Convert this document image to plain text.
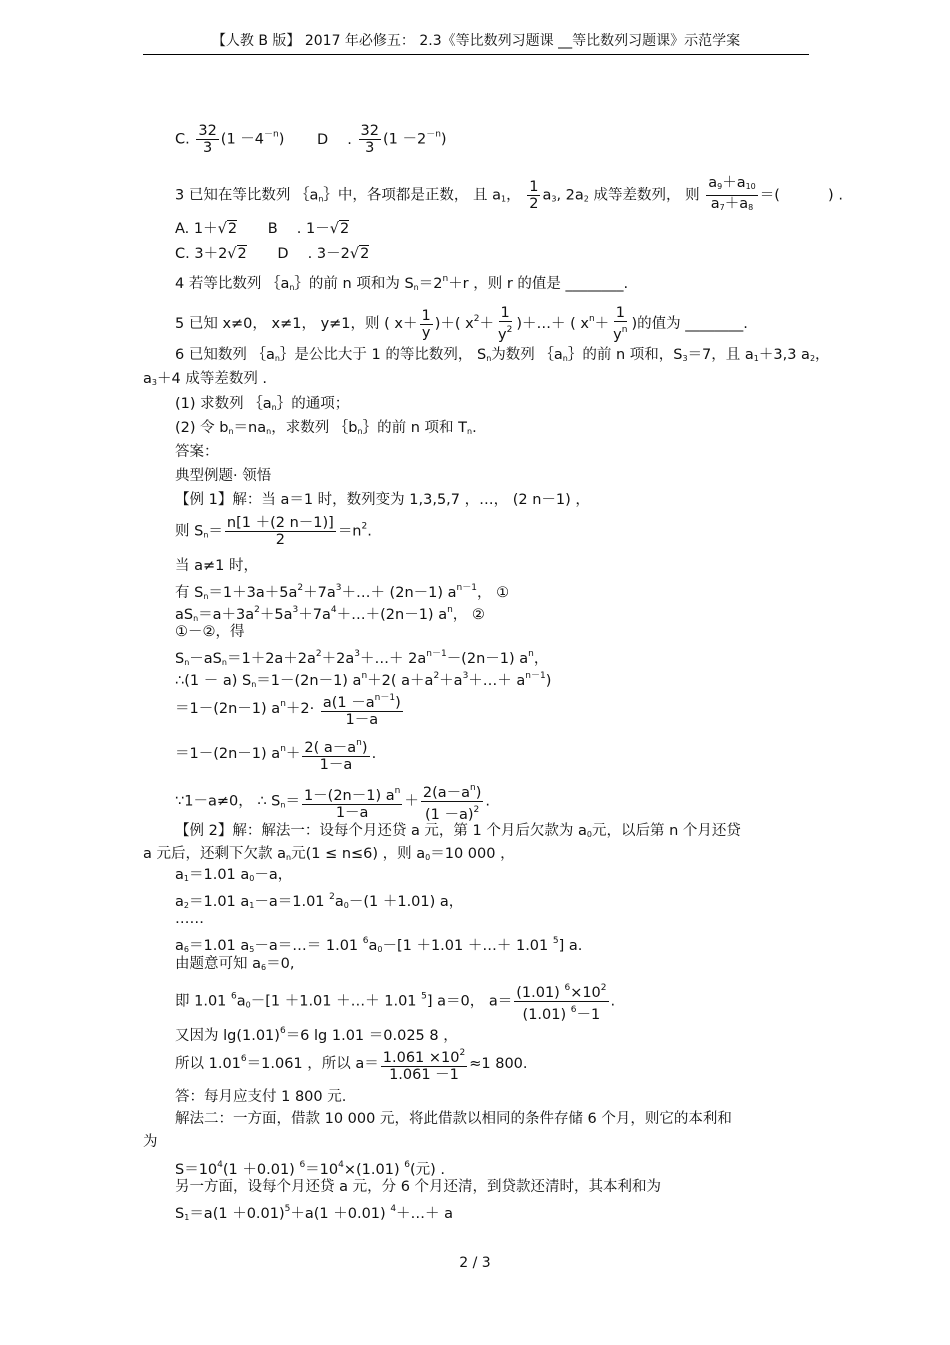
【人教 B 版】 2017 年必修五： 2.3《等比数列习题课 __等比数列习题课》示范学案
C. $\frac{32}{3} (1 -4^{-n})$ D　 . $\frac{32}{3} (1 -2^{-n})$
3 已知在等比数列 $\{a_n\}$中，各项都是正数， 且 $a_1$， $\frac{1}{2} a_3$, $2a_2$ 成等差数列， 则 $\frac{a_9+a_{10}}{a_7+a_8}$ ＝(　　　 ) .
A. 1＋√2 B　 . 1－√2
C. 3＋2√2 D　 . 3－2√2
4 若等比数列 $\{a_n\}$的前 n 项和为 $S_n=2^n+r$ ，则 r 的值是 ________.
5 已知 x≠0， x≠1， y≠1，则 ( $x+ \frac{1}{y}$ )＋( $x^2+ \frac{1}{y^2}$ )＋…＋ ( $x^n+ \frac{1}{y^n}$ )的值为 ________.
6 已知数列 $\{a_n\}$是公比大于 1 的等比数列， $S_n$为数列 $\{a_n\}$的前 n 项和，$S_3=7$，且 $a_1+3,3$ $a_2$，
$a_3+4$ 成等差数列 .
(1) 求数列 $\{a_n\}$的通项；
(2) 令 $b_n=na_n$，求数列 $\{b_n\}$的前 n 项和 $T_n$.
答案：
典型例题· 领悟
【例 1】解：当 a＝1 时，数列变为 1,3,5,7 ，…， (2 n－1) ，
则 $S_n= \frac{n[1 +(2 n-1)]}{2} =n^2$.
当 a≠1 时，
有 $S_n=1+3a+5a^2+7a^3+\dots+ (2n-1)$ $a^{n-1}$， ①
$aS_n=a+3a^2+5a^3+7a^4+\dots+(2n-1)$ $a^n$， ②
①－②，得
$S_n-aS_n=1+2a+2a^2+2a^3+\dots+ 2a^{n-1}-(2n-1)$ $a^n$，
∴(1 － a) $S_n=1-(2n-1)$ $a^n+2$( $a+a^2+a^3+\dots+ a^{n-1}$)
＝1－(2n－1) $a^n+2\cdot \frac{a(1 -a^{n-1})}{1-a}$
＝1－(2n－1) $a^n+ \frac{2( a-a^n)}{1-a}$ .
∵1－a≠0， ∴ $S_n= \frac{1-(2n-1) a^n}{1-a} + \frac{2(a-a^n)}{(1 -a)^2}$ .
【例 2】解：解法一：设每个月还贷 a 元，第 1 个月后欠款为 $a_0$元，以后第 n 个月还贷
a 元后，还剩下欠款 $a_n$元(1 ≤ n≤6) ，则 $a_0=10$ 000 ，
$a_1=1.01$ $a_0-a$，
$a_2=1.01$ $a_1-a=1.01$ $^2a_0-(1 +1.01)$ a，
……
$a_6=1.01$ $a_5-a=\dots= 1.01$ $^6a_0-[1 +1.01$ ＋…＋ 1.01 $^5$] a.
由题意可知 $a_6=0$,
即 1.01 $^6a_0-[1 +1.01$ ＋…＋ 1.01 $^5$] a＝0， $a= \frac{(1.01) ^6\times 10^2}{(1.01) ^6-1}$ .
又因为 $\lg(1.01)^6=6$ lg 1.01 ＝0.025 8 ，
所以 $1.01^6=1.061$ ，所以 $a= \frac{1.061 \times 10^2}{1.061 -1} \approx 1$ 800.
答：每月应支付 1 800 元.
解法二：一方面，借款 10 000 元，将此借款以相同的条件存储 6 个月，则它的本利和
为
$S=10^4(1 +0.01)$ $^6=10^4\times(1.01)$ $^6$(元) .
另一方面，设每个月还贷 a 元，分 6 个月还清，到贷款还清时，其本利和为
$S_1=a(1 +0.01)^5+a(1 +0.01)$ $^4$＋…＋ a
2 / 3
